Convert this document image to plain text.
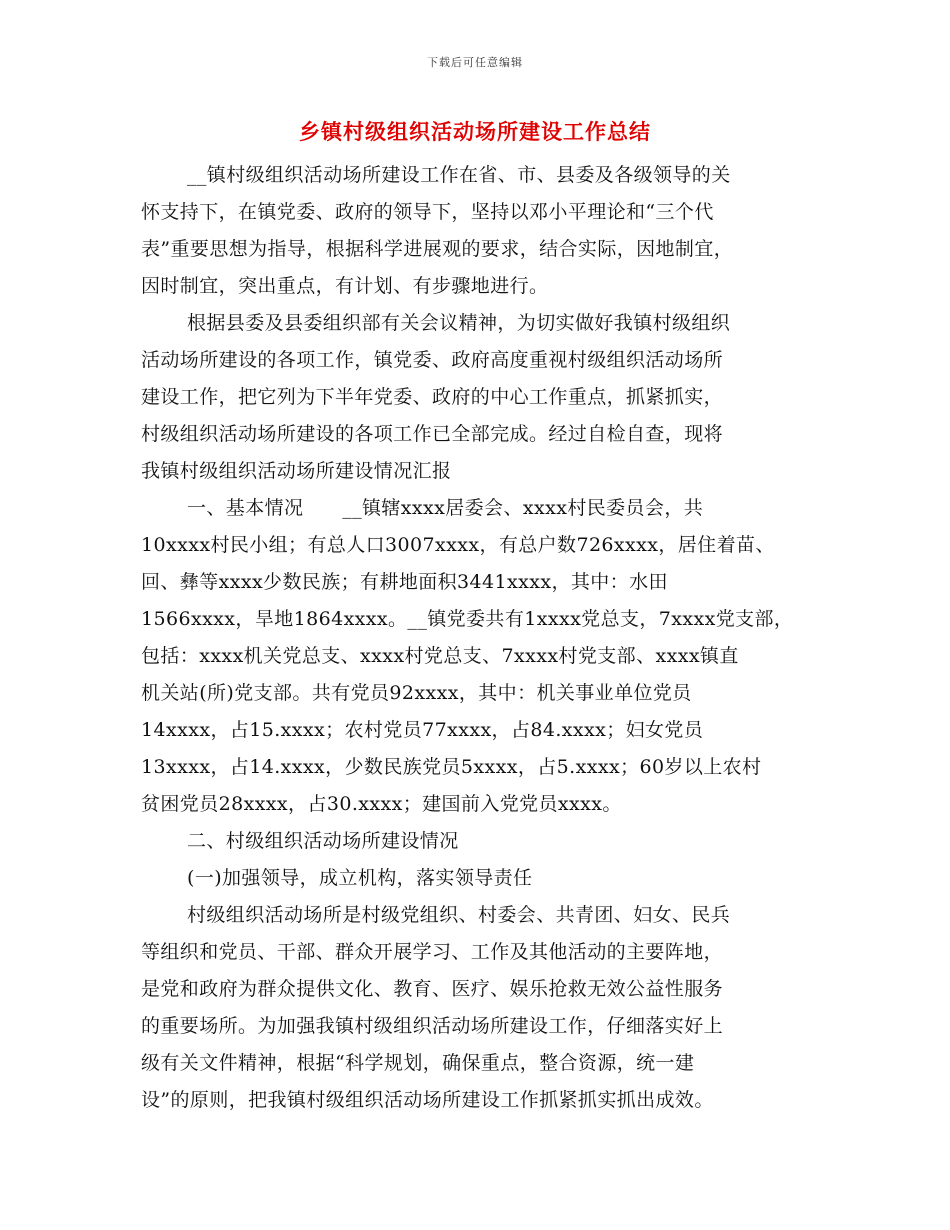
下载后可任意编辑
乡镇村级组织活动场所建设工作总结
__镇村级组织活动场所建设工作在省、市、县委及各级领导的关
怀支持下，在镇党委、政府的领导下，坚持以邓小平理论和“三个代
表”重要思想为指导，根据科学进展观的要求，结合实际，因地制宜，
因时制宜，突出重点，有计划、有步骤地进行。
根据县委及县委组织部有关会议精神，为切实做好我镇村级组织
活动场所建设的各项工作，镇党委、政府高度重视村级组织活动场所
建设工作，把它列为下半年党委、政府的中心工作重点，抓紧抓实，
村级组织活动场所建设的各项工作已全部完成。经过自检自查，现将
我镇村级组织活动场所建设情况汇报
一、基本情况　　__镇辖xxxx居委会、xxxx村民委员会，共
10xxxx村民小组；有总人口3007xxxx，有总户数726xxxx，居住着苗、
回、彝等xxxx少数民族；有耕地面积3441xxxx，其中：水田
1566xxxx，旱地1864xxxx。__镇党委共有1xxxx党总支，7xxxx党支部，
包括：xxxx机关党总支、xxxx村党总支、7xxxx村党支部、xxxx镇直
机关站(所)党支部。共有党员92xxxx，其中：机关事业单位党员
14xxxx，占15.xxxx；农村党员77xxxx，占84.xxxx；妇女党员
13xxxx，占14.xxxx，少数民族党员5xxxx，占5.xxxx；60岁以上农村
贫困党员28xxxx，占30.xxxx；建国前入党党员xxxx。
二、村级组织活动场所建设情况
(一)加强领导，成立机构，落实领导责任
村级组织活动场所是村级党组织、村委会、共青团、妇女、民兵
等组织和党员、干部、群众开展学习、工作及其他活动的主要阵地，
是党和政府为群众提供文化、教育、医疗、娱乐抢救无效公益性服务
的重要场所。为加强我镇村级组织活动场所建设工作，仔细落实好上
级有关文件精神，根据“科学规划，确保重点，整合资源，统一建
设”的原则，把我镇村级组织活动场所建设工作抓紧抓实抓出成效。
